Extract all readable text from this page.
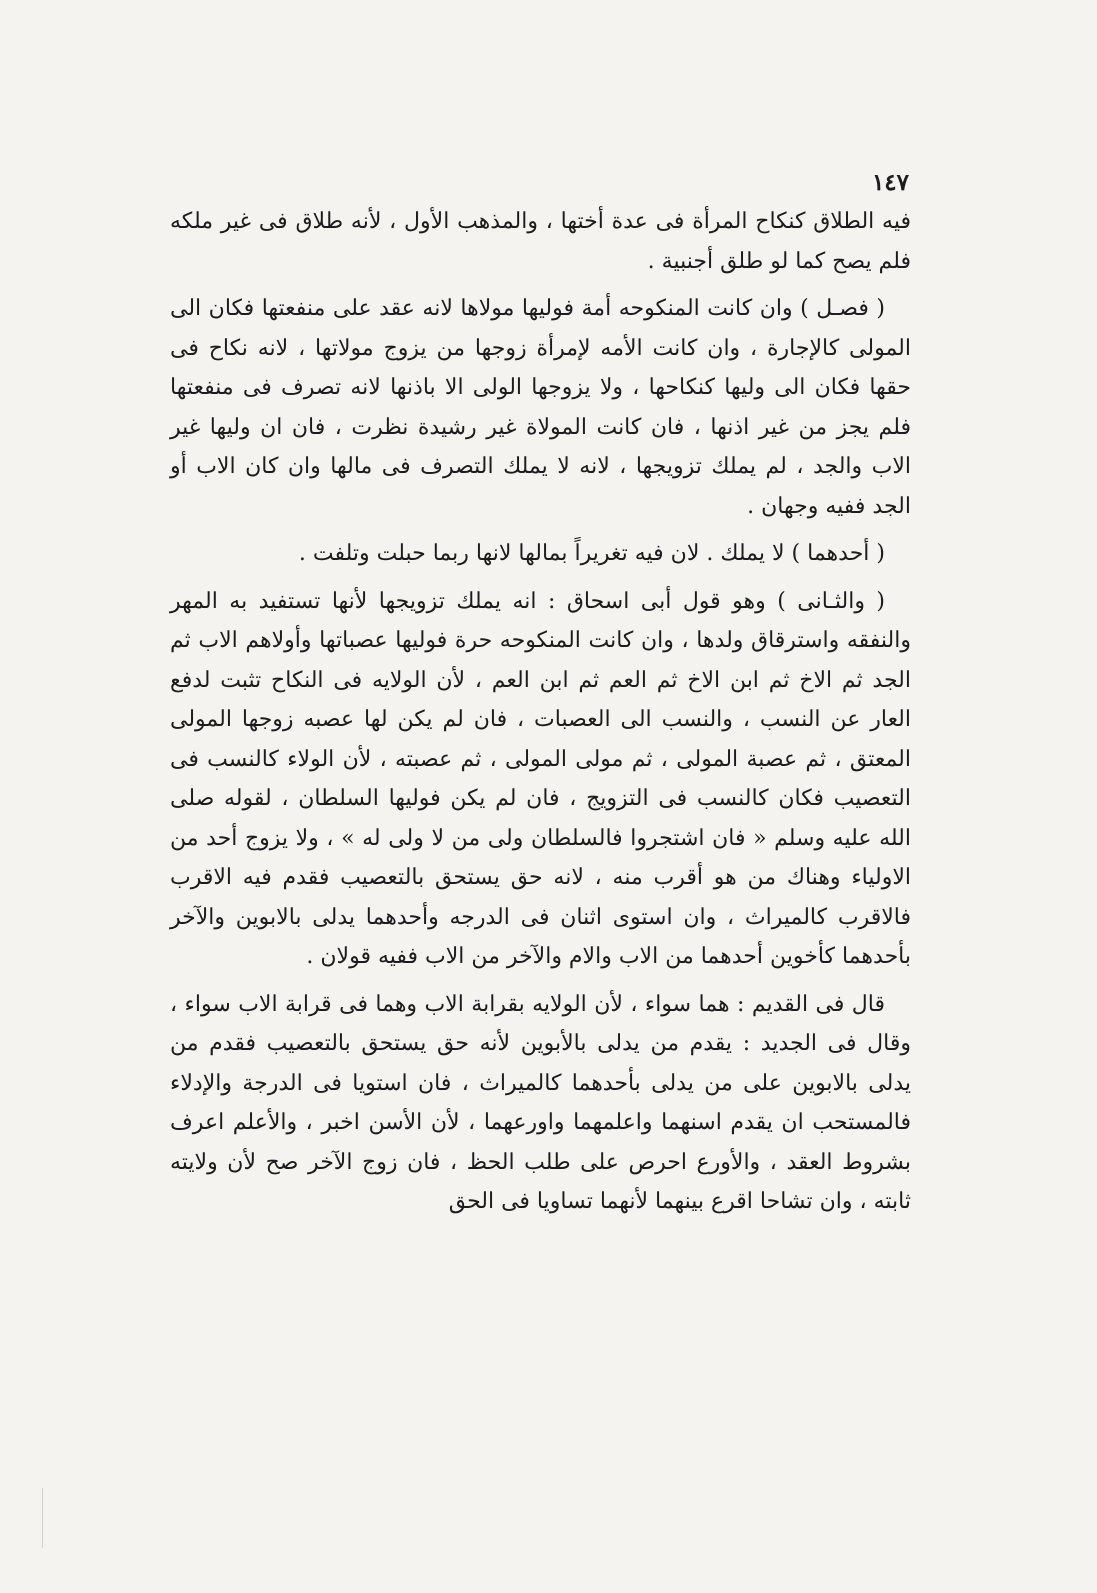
١٤٧

فيه الطلاق كنكاح المرأة فى عدة أختها ، والمذهب الأول ، لأنه طلاق فى غير ملكه فلم يصح كما لو طلق أجنبية .

( فصـل ) وان كانت المنكوحه أمة فوليها مولاها لانه عقد على منفعتها فكان الى المولى كالإجارة ، وان كانت الأمه لإمرأة زوجها من يزوج مولاتها ، لانه نكاح فى حقها فكان الى وليها كنكاحها ، ولا يزوجها الولى الا باذنها لانه تصرف فى منفعتها فلم يجز من غير اذنها ، فان كانت المولاة غير رشيدة نظرت ، فان ان وليها غير الاب والجد ، لم يملك تزويجها ، لانه لا يملك التصرف فى مالها وان كان الاب أو الجد ففيه وجهان .

( أحدهما ) لا يملك . لان فيه تغريراً بمالها لانها ربما حبلت وتلفت .

( والثـانى ) وهو قول أبى اسحاق : انه يملك تزويجها لأنها تستفيد به المهر والنفقه واسترقاق ولدها ، وان كانت المنكوحه حرة فوليها عصباتها وأولاهم الاب ثم الجد ثم الاخ ثم ابن الاخ ثم العم ثم ابن العم ، لأن الولايه فى النكاح تثبت لدفع العار عن النسب ، والنسب الى العصبات ، فان لم يكن لها عصبه زوجها المولى المعتق ، ثم عصبة المولى ، ثم مولى المولى ، ثم عصبته ، لأن الولاء كالنسب فى التعصيب فكان كالنسب فى التزويج ، فان لم يكن فوليها السلطان ، لقوله صلى الله عليه وسلم « فان اشتجروا فالسلطان ولى من لا ولى له » ، ولا يزوج أحد من الاولياء وهناك من هو أقرب منه ، لانه حق يستحق بالتعصيب فقدم فيه الاقرب فالاقرب كالميراث ، وان استوى اثنان فى الدرجه وأحدهما يدلى بالابوين والآخر بأحدهما كأخوين أحدهما من الاب والام والآخر من الاب ففيه قولان .

قال فى القديم : هما سواء ، لأن الولايه بقرابة الاب وهما فى قرابة الاب سواء ، وقال فى الجديد : يقدم من يدلى بالأبوين لأنه حق يستحق بالتعصيب فقدم من يدلى بالابوين على من يدلى بأحدهما كالميراث ، فان استويا فى الدرجة والإدلاء فالمستحب ان يقدم اسنهما واعلمهما واورعهما ، لأن الأسن اخبر ، والأعلم اعرف بشروط العقد ، والأورع احرص على طلب الحظ ، فان زوج الآخر صح لأن ولايته ثابته ، وان تشاحا اقرع بينهما لأنهما تساويا فى الحق
